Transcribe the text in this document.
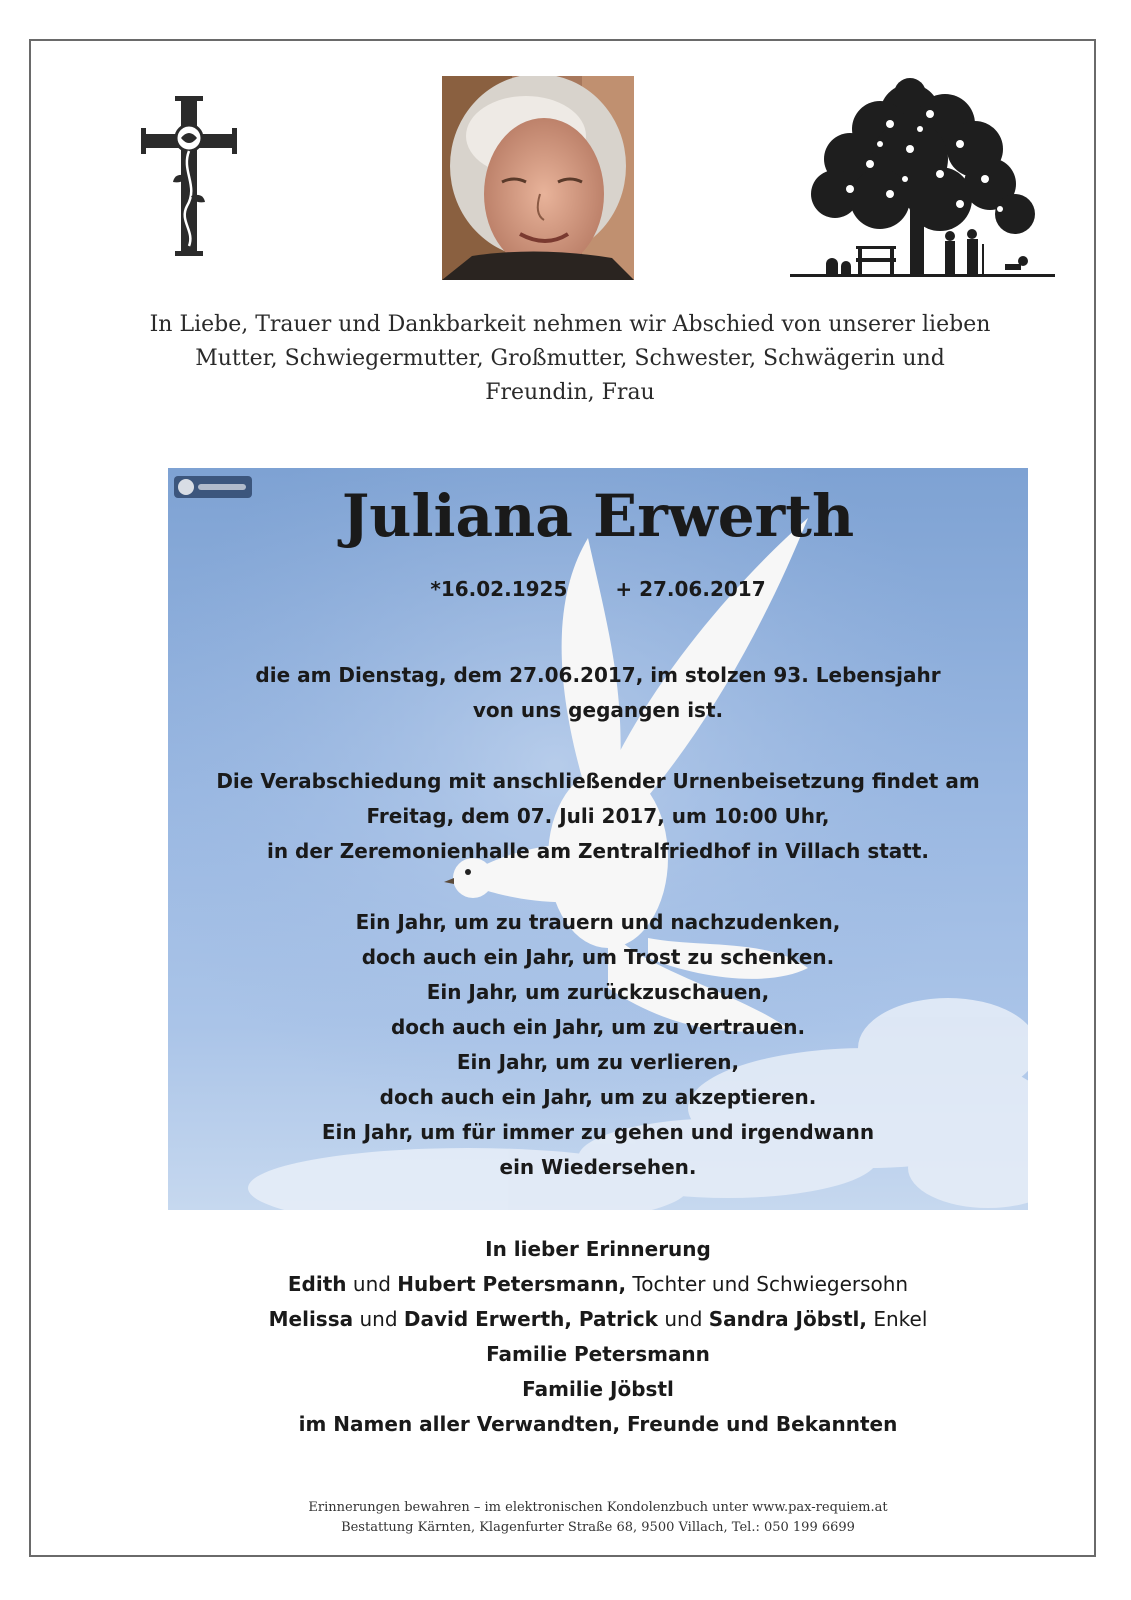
In Liebe, Trauer und Dankbarkeit nehmen wir Abschied von unserer lieben

Mutter, Schwiegermutter, Großmutter, Schwester, Schwägerin und

Freundin, Frau

Juliana Erwerth
*16.02.1925 + 27.06.2017

die am Dienstag, dem 27.06.2017, im stolzen 93. Lebensjahr

von uns gegangen ist.

Die Verabschiedung mit anschließender Urnenbeisetzung findet am

Freitag, dem 07. Juli 2017, um 10:00 Uhr,

in der Zeremonienhalle am Zentralfriedhof in Villach statt.

Ein Jahr, um zu trauern und nachzudenken,

doch auch ein Jahr, um Trost zu schenken.

Ein Jahr, um zurückzuschauen,

doch auch ein Jahr, um zu vertrauen.

Ein Jahr, um zu verlieren,

doch auch ein Jahr, um zu akzeptieren.

Ein Jahr, um für immer zu gehen und irgendwann

ein Wiedersehen.

In lieber Erinnerung

Edith und Hubert Petersmann, Tochter und Schwiegersohn

Melissa und David Erwerth, Patrick und Sandra Jöbstl, Enkel

Familie Petersmann

Familie Jöbstl

im Namen aller Verwandten, Freunde und Bekannten

Erinnerungen bewahren – im elektronischen Kondolenzbuch unter www.pax-requiem.at

Bestattung Kärnten, Klagenfurter Straße 68, 9500 Villach, Tel.: 050 199 6699
